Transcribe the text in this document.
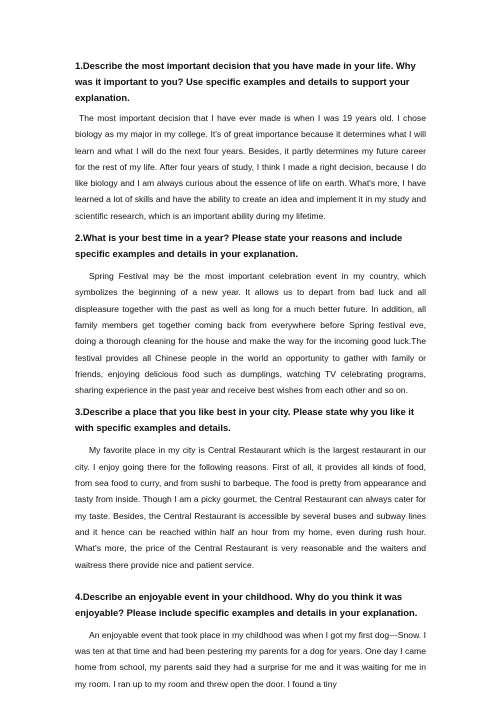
1.Describe the most important decision that you have made in your life. Why was it important to you? Use specific examples and details to support your explanation.

The most important decision that I have ever made is when I was 19 years old. I chose biology as my major in my college. It's of great importance because it determines what I will learn and what I will do the next four years. Besides, it partly determines my future career for the rest of my life. After four years of study, I think I made a right decision, because I do like biology and I am always curious about the essence of life on earth. What's more, I have learned a lot of skills and have the ability to create an idea and implement it in my study and scientific research, which is an important ability during my lifetime.

2.What is your best time in a year? Please state your reasons and include specific examples and details in your explanation.

Spring Festival may be the most important celebration event in my country, which symbolizes the beginning of a new year. It allows us to depart from bad luck and all displeasure together with the past as well as long for a much better future. In addition, all family members get together coming back from everywhere before Spring festival eve, doing a thorough cleaning for the house and make the way for the incoming good luck.The festival provides all Chinese people in the world an opportunity to gather with family or friends, enjoying delicious food such as dumplings, watching TV celebrating programs, sharing experience in the past year and receive best wishes from each other and so on.

3.Describe a place that you like best in your city. Please state why you like it with specific examples and details.

My favorite place in my city is Central Restaurant which is the largest restaurant in our city. I enjoy going there for the following reasons. First of all, it provides all kinds of food, from sea food to curry, and from sushi to barbeque. The food is pretty from appearance and tasty from inside. Though I am a picky gourmet, the Central Restaurant can always cater for my taste. Besides, the Central Restaurant is accessible by several buses and subway lines and it hence can be reached within half an hour from my home, even during rush hour. What's more, the price of the Central Restaurant is very reasonable and the waiters and waitress there provide nice and patient service.

4.Describe an enjoyable event in your childhood. Why do you think it was enjoyable? Please include specific examples and details in your explanation.

An enjoyable event that took place in my childhood was when I got my first dog---Snow. I was ten at that time and had been pestering my parents for a dog for years. One day I came home from school, my parents said they had a surprise for me and it was waiting for me in my room. I ran up to my room and threw open the door. I found a tiny
